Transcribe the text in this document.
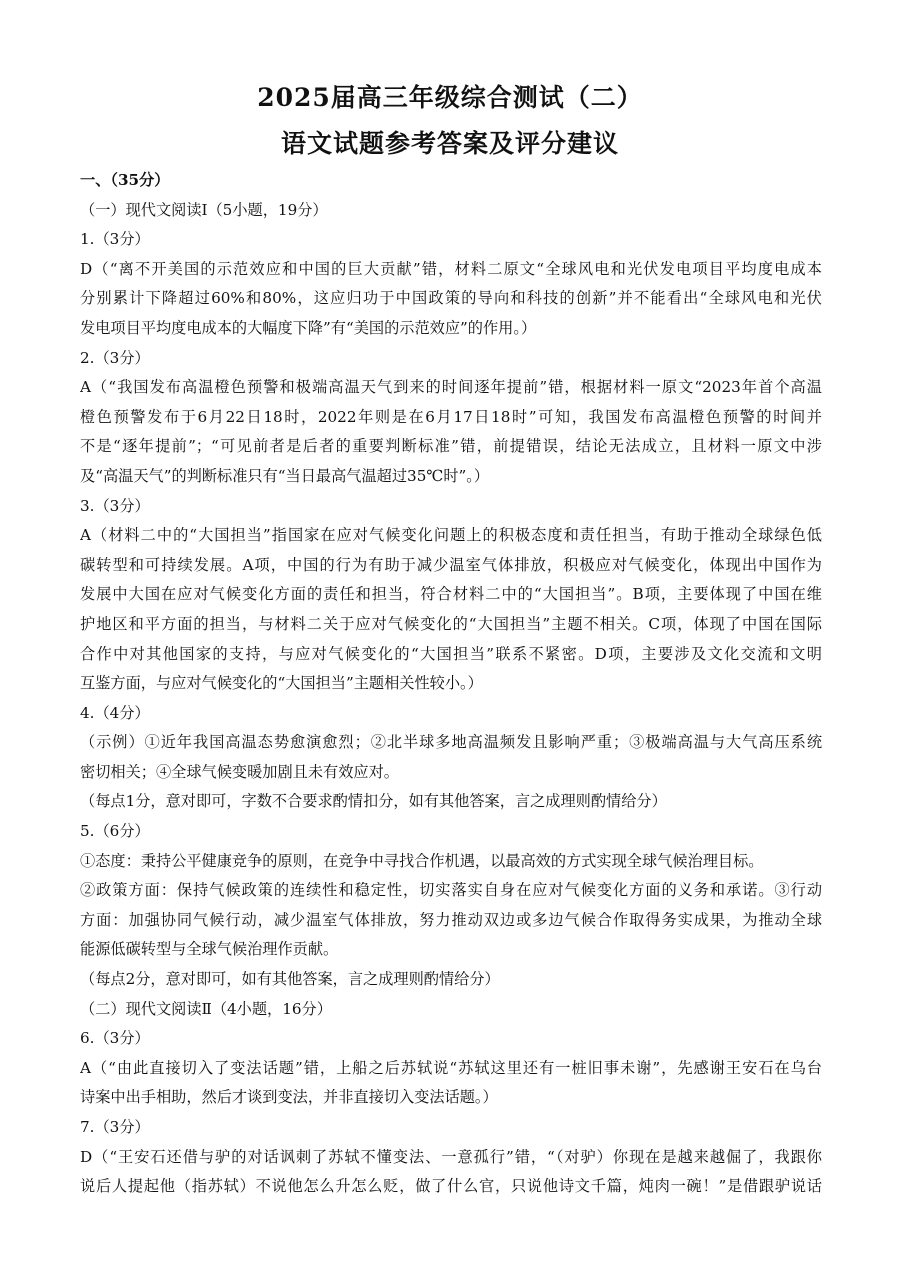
2025届高三年级综合测试（二）
语文试题参考答案及评分建议
一、（35分）
（一）现代文阅读Ⅰ（5小题，19分）
1.（3分）
D（“离不开美国的示范效应和中国的巨大贡献”错，材料二原文“全球风电和光伏发电项目平均度电成本
分别累计下降超过60%和80%，这应归功于中国政策的导向和科技的创新”并不能看出“全球风电和光伏
发电项目平均度电成本的大幅度下降”有“美国的示范效应”的作用。）
2.（3分）
A（“我国发布高温橙色预警和极端高温天气到来的时间逐年提前”错，根据材料一原文“2023年首个高温
橙色预警发布于6月22日18时，2022年则是在6月17日18时”可知，我国发布高温橙色预警的时间并
不是“逐年提前”；“可见前者是后者的重要判断标准”错，前提错误，结论无法成立，且材料一原文中涉
及“高温天气”的判断标准只有“当日最高气温超过35℃时”。）
3.（3分）
A（材料二中的“大国担当”指国家在应对气候变化问题上的积极态度和责任担当，有助于推动全球绿色低
碳转型和可持续发展。A项，中国的行为有助于减少温室气体排放，积极应对气候变化，体现出中国作为
发展中大国在应对气候变化方面的责任和担当，符合材料二中的“大国担当”。B项，主要体现了中国在维
护地区和平方面的担当，与材料二关于应对气候变化的“大国担当”主题不相关。C项，体现了中国在国际
合作中对其他国家的支持，与应对气候变化的“大国担当”联系不紧密。D项，主要涉及文化交流和文明
互鉴方面，与应对气候变化的“大国担当”主题相关性较小。）
4.（4分）
（示例）①近年我国高温态势愈演愈烈；②北半球多地高温频发且影响严重；③极端高温与大气高压系统
密切相关；④全球气候变暖加剧且未有效应对。
（每点1分，意对即可，字数不合要求酌情扣分，如有其他答案，言之成理则酌情给分）
5.（6分）
①态度：秉持公平健康竞争的原则，在竞争中寻找合作机遇，以最高效的方式实现全球气候治理目标。
②政策方面：保持气候政策的连续性和稳定性，切实落实自身在应对气候变化方面的义务和承诺。③行动
方面：加强协同气候行动，减少温室气体排放，努力推动双边或多边气候合作取得务实成果，为推动全球
能源低碳转型与全球气候治理作贡献。
（每点2分，意对即可，如有其他答案，言之成理则酌情给分）
（二）现代文阅读Ⅱ（4小题，16分）
6.（3分）
A（“由此直接切入了变法话题”错，上船之后苏轼说“苏轼这里还有一桩旧事未谢”，先感谢王安石在乌台
诗案中出手相助，然后才谈到变法，并非直接切入变法话题。）
7.（3分）
D（“王安石还借与驴的对话讽刺了苏轼不懂变法、一意孤行”错，“（对驴）你现在是越来越倔了，我跟你
说后人提起他（指苏轼）不说他怎么升怎么贬，做了什么官，只说他诗文千篇，炖肉一碗！”是借跟驴说话
